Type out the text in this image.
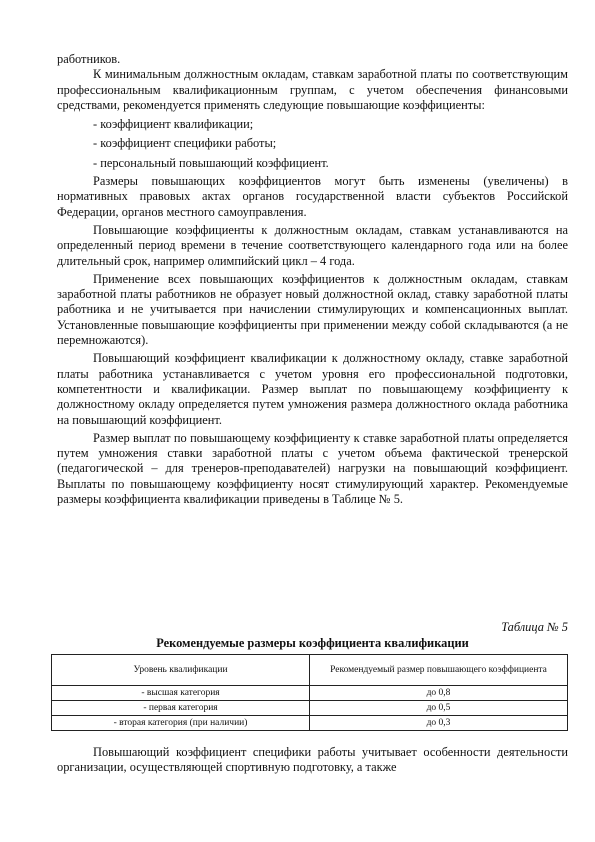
работников.

К минимальным должностным окладам, ставкам заработной платы по соответствующим профессиональным квалификационным группам, с учетом обеспечения финансовыми средствами, рекомендуется применять следующие повышающие коэффициенты:

- коэффициент квалификации;

- коэффициент специфики работы;

- персональный повышающий коэффициент.

Размеры повышающих коэффициентов могут быть изменены (увеличены) в нормативных правовых актах органов государственной власти субъектов Российской Федерации, органов местного самоуправления.

Повышающие коэффициенты к должностным окладам, ставкам устанавливаются на определенный период времени в течение соответствующего календарного года или на более длительный срок, например олимпийский цикл – 4 года.

Применение всех повышающих коэффициентов к должностным окладам, ставкам заработной платы работников не образует новый должностной оклад, ставку заработной платы работника и не учитывается при начислении стимулирующих и компенсационных выплат. Установленные повышающие коэффициенты при применении между собой складываются (а не перемножаются).

Повышающий коэффициент квалификации к должностному окладу, ставке заработной платы работника устанавливается с учетом уровня его профессиональной подготовки, компетентности и квалификации. Размер выплат по повышающему коэффициенту к должностному окладу определяется путем умножения размера должностного оклада работника на повышающий коэффициент.

Размер выплат по повышающему коэффициенту к ставке заработной платы определяется путем умножения ставки заработной платы с учетом объема фактической тренерской (педагогической – для тренеров-преподавателей) нагрузки на повышающий коэффициент. Выплаты по повышающему коэффициенту носят стимулирующий характер. Рекомендуемые размеры коэффициента квалификации приведены в Таблице № 5.

Таблица № 5
Рекомендуемые размеры коэффициента квалификации
Уровень квалификации	Рекомендуемый размер повышающего коэффициента
- высшая категория	до 0,8
- первая категория	до 0,5
- вторая категория (при наличии)	до 0,3

Повышающий коэффициент специфики работы учитывает особенности деятельности организации, осуществляющей спортивную подготовку, а также
